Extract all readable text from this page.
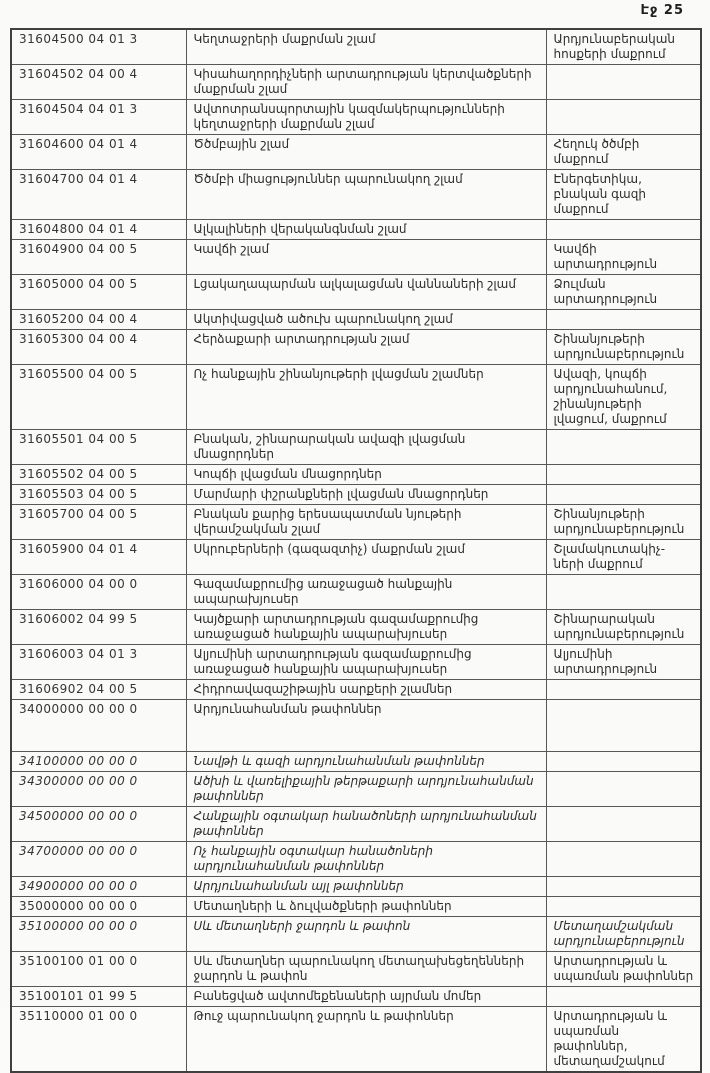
Էջ 25
31604500 04 01 3	Կեղտաջրերի մաքրման շլամ	Արդյունաբերական հոսքերի մաքրում
31604502 04 00 4	Կիսահաղորդիչների արտադրության կերտվածքների մաքրման շլամ	
31604504 04 01 3	Ավտոտրանսպորտային կազմակերպությունների կեղտաջրերի մաքրման շլամ	
31604600 04 01 4	Ծծմբային շլամ	Հեղուկ ծծմբի մաքրում
31604700 04 01 4	Ծծմբի միացություններ պարունակող շլամ	Էներգետիկա, բնական գազի մաքրում
31604800 04 01 4	Ալկալիների վերականգնման շլամ	
31604900 04 00 5	Կավճի շլամ	Կավճի արտադրություն
31605000 04 00 5	Լցակաղապարման ալկալացման վաննաների շլամ	Ձուլման արտադրություն
31605200 04 00 4	Ակտիվացված ածուխ պարունակող շլամ	
31605300 04 00 4	Հերձաքարի արտադրության շլամ	Շինանյութերի արդյունաբերություն
31605500 04 00 5	Ոչ հանքային շինանյութերի լվացման շլամներ	Ավազի, կոպճի արդյունահանում, շինանյութերի լվացում, մաքրում
31605501 04 00 5	Բնական, շինարարական ավազի լվացման մնացորդներ	
31605502 04 00 5	Կոպճի լվացման մնացորդներ	
31605503 04 00 5	Մարմարի փշրանքների լվացման մնացորդներ	
31605700 04 00 5	Բնական քարից երեսապատման նյութերի վերամշակման շլամ	Շինանյութերի արդյունաբերություն
31605900 04 01 4	Սկրուբերների (գազազտիչ) մաքրման շլամ	Շլամակուտակիչ-ների մաքրում
31606000 04 00 0	Գազամաքրումից առաջացած հանքային ապարախյուսեր	
31606002 04 99 5	Կայծքարի արտադրության գազամաքրումից առաջացած հանքային ապարախյուսեր	Շինարարական արդյունաբերություն
31606003 04 01 3	Ալյումինի արտադրության գազամաքրումից առաջացած հանքային ապարախյուսեր	Ալյումինի արտադրություն
31606902 04 00 5	Հիդրոավազաշիթային սարքերի շլամներ	
34000000 00 00 0	Արդյունահանման թափոններ	
34100000 00 00 0	Նավթի և գազի արդյունահանման թափոններ	
34300000 00 00 0	Ածխի և վառելիքային թերթաքարի արդյունահանման թափոններ	
34500000 00 00 0	Հանքային օգտակար հանածոների արդյունահանման թափոններ	
34700000 00 00 0	Ոչ հանքային օգտակար հանածոների արդյունահանման թափոններ	
34900000 00 00 0	Արդյունահանման այլ թափոններ	
35000000 00 00 0	Մետաղների և ձուլվածքների թափոններ	
35100000 00 00 0	Սև մետաղների ջարդոն և թափոն	Մետաղամշակման արդյունաբերություն
35100100 01 00 0	Սև մետաղներ պարունակող մետաղախեցեղենների ջարդոն և թափոն	Արտադրության և սպառման թափոններ
35100101 01 99 5	Բանեցված ավտոմեքենաների այրման մոմեր	
35110000 01 00 0	Թուջ պարունակող ջարդոն և թափոններ	Արտադրության և սպառման թափոններ, մետաղամշակում
